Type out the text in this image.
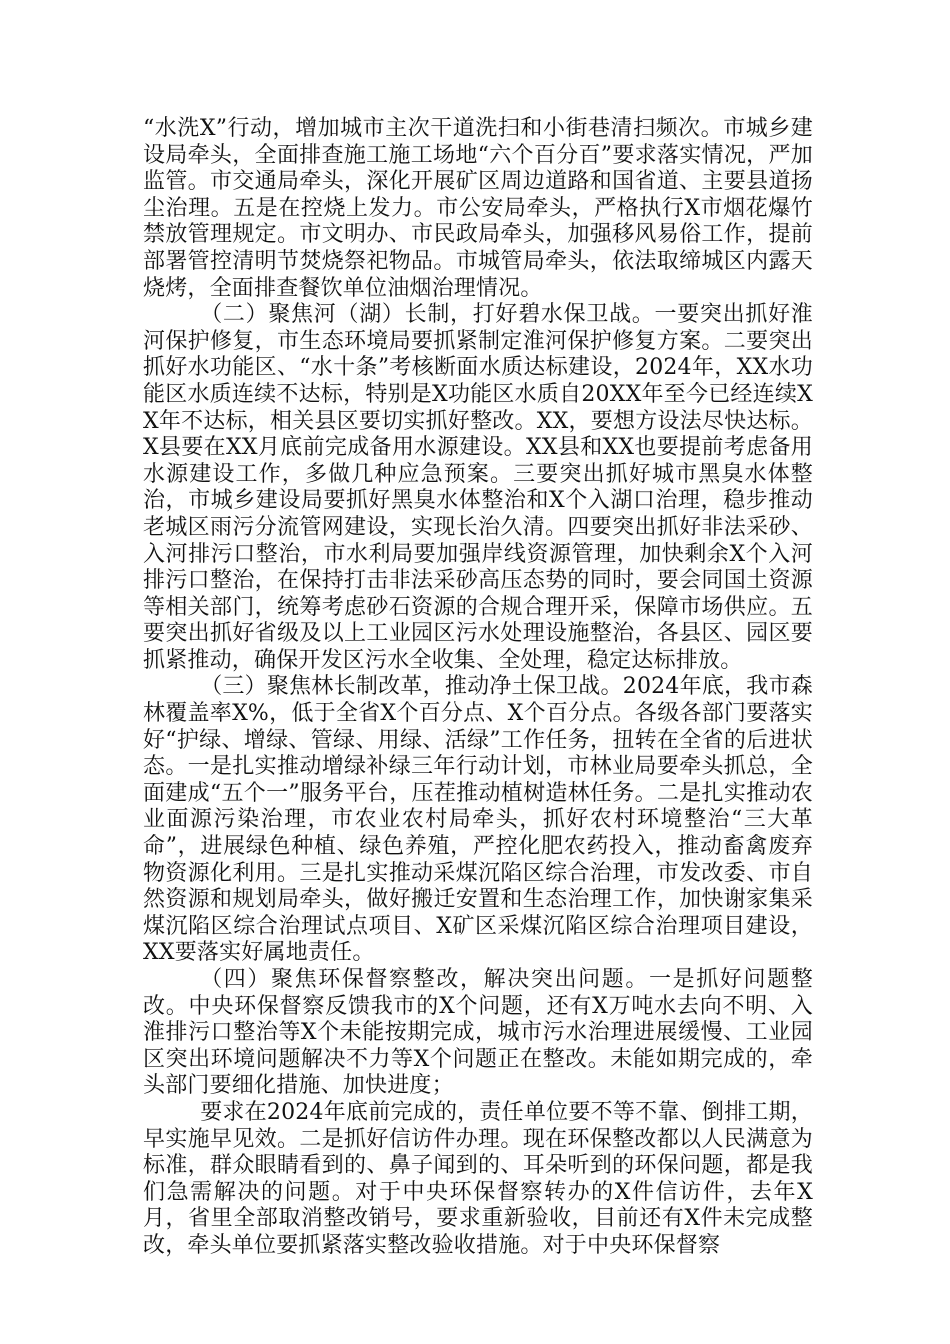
“水洗X”行动，增加城市主次干道洗扫和小街巷清扫频次。市城乡建设局牵头，全面排查施工施工场地“六个百分百”要求落实情况，严加监管。市交通局牵头，深化开展矿区周边道路和国省道、主要县道扬尘治理。五是在控烧上发力。市公安局牵头，严格执行X市烟花爆竹禁放管理规定。市文明办、市民政局牵头，加强移风易俗工作，提前部署管控清明节焚烧祭祀物品。市城管局牵头，依法取缔城区内露天烧烤，全面排查餐饮单位油烟治理情况。

（二）聚焦河（湖）长制，打好碧水保卫战。一要突出抓好淮河保护修复，市生态环境局要抓紧制定淮河保护修复方案。二要突出抓好水功能区、“水十条”考核断面水质达标建设，2024年，XX水功能区水质连续不达标，特别是X功能区水质自20XX年至今已经连续XX年不达标，相关县区要切实抓好整改。XX，要想方设法尽快达标。X县要在XX月底前完成备用水源建设。XX县和XX也要提前考虑备用水源建设工作，多做几种应急预案。三要突出抓好城市黑臭水体整治，市城乡建设局要抓好黑臭水体整治和X个入湖口治理，稳步推动老城区雨污分流管网建设，实现长治久清。四要突出抓好非法采砂、入河排污口整治，市水利局要加强岸线资源管理，加快剩余X个入河排污口整治，在保持打击非法采砂高压态势的同时，要会同国土资源等相关部门，统筹考虑砂石资源的合规合理开采，保障市场供应。五要突出抓好省级及以上工业园区污水处理设施整治，各县区、园区要抓紧推动，确保开发区污水全收集、全处理，稳定达标排放。

（三）聚焦林长制改革，推动净土保卫战。2024年底，我市森林覆盖率X%，低于全省X个百分点、X个百分点。各级各部门要落实好“护绿、增绿、管绿、用绿、活绿”工作任务，扭转在全省的后进状态。一是扎实推动增绿补绿三年行动计划，市林业局要牵头抓总，全面建成“五个一”服务平台，压茬推动植树造林任务。二是扎实推动农业面源污染治理，市农业农村局牵头，抓好农村环境整治“三大革命”，进展绿色种植、绿色养殖，严控化肥农药投入，推动畜禽废弃物资源化利用。三是扎实推动采煤沉陷区综合治理，市发改委、市自然资源和规划局牵头，做好搬迁安置和生态治理工作，加快谢家集采煤沉陷区综合治理试点项目、X矿区采煤沉陷区综合治理项目建设，XX要落实好属地责任。

（四）聚焦环保督察整改，解决突出问题。一是抓好问题整改。中央环保督察反馈我市的X个问题，还有X万吨水去向不明、入淮排污口整治等X个未能按期完成，城市污水治理进展缓慢、工业园区突出环境问题解决不力等X个问题正在整改。未能如期完成的，牵头部门要细化措施、加快进度；

要求在2024年底前完成的，责任单位要不等不靠、倒排工期，早实施早见效。二是抓好信访件办理。现在环保整改都以人民满意为标准，群众眼睛看到的、鼻子闻到的、耳朵听到的环保问题，都是我们急需解决的问题。对于中央环保督察转办的X件信访件，去年X月，省里全部取消整改销号，要求重新验收，目前还有X件未完成整改，牵头单位要抓紧落实整改验收措施。对于中央环保督察
